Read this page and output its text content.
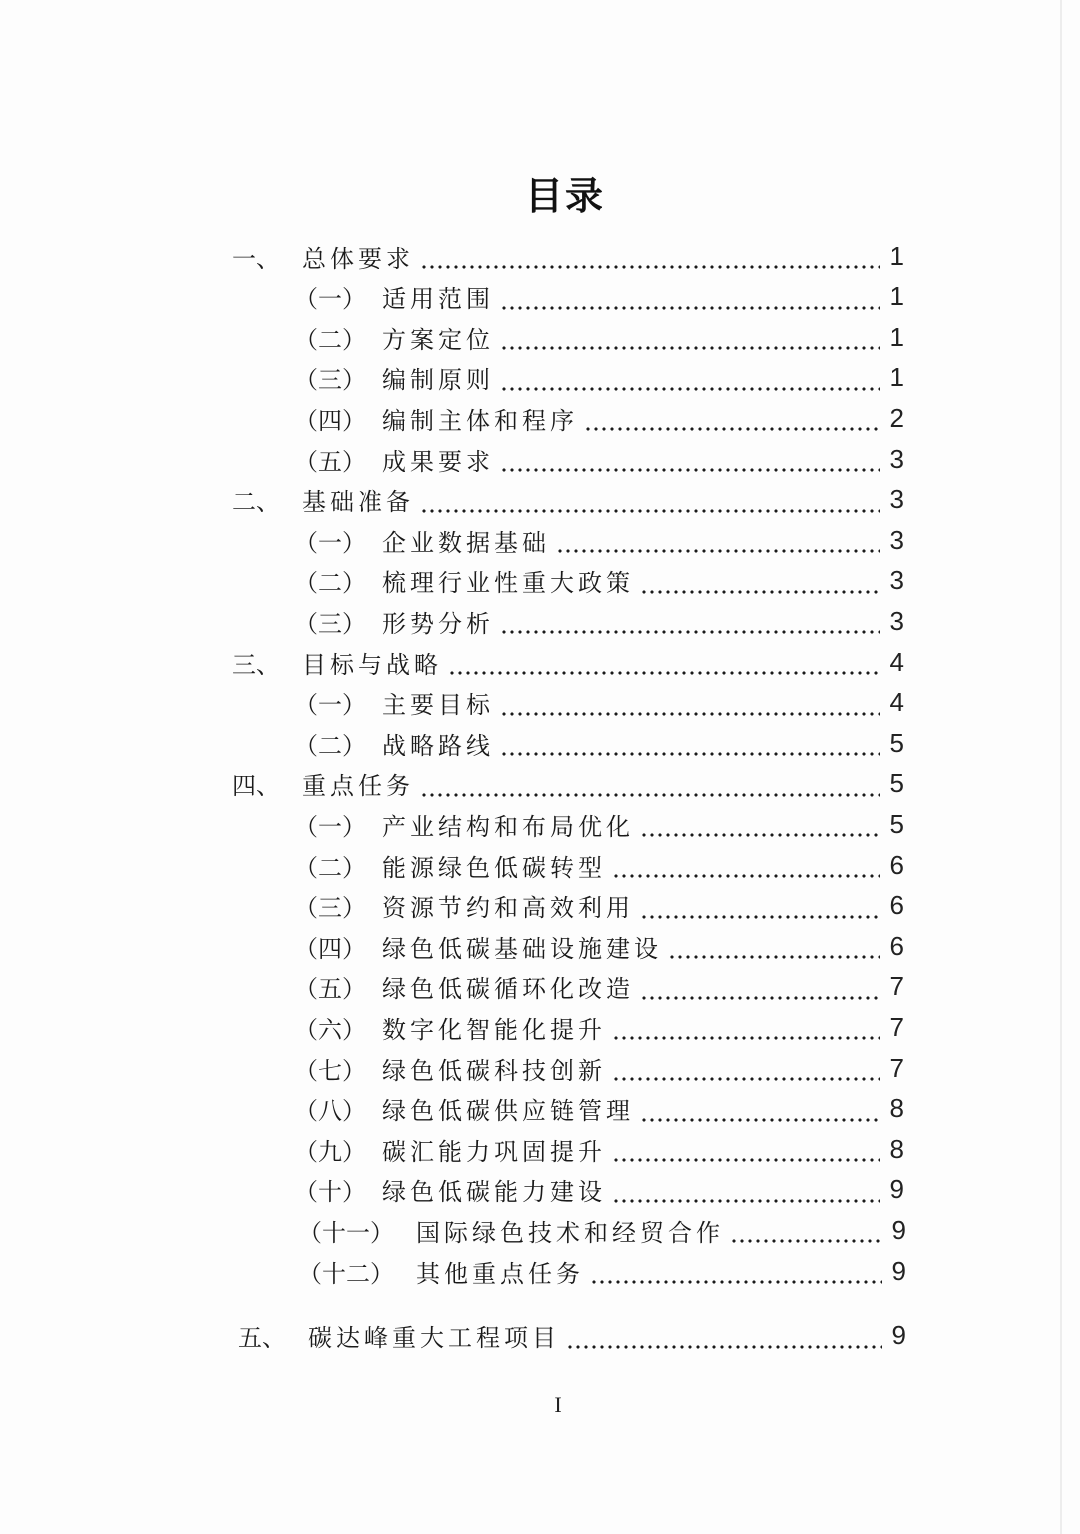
目录
一、 总体要求	1
（一） 适用范围	1
（二） 方案定位	1
（三） 编制原则	1
（四） 编制主体和程序	2
（五） 成果要求	3
二、 基础准备	3
（一） 企业数据基础	3
（二） 梳理行业性重大政策	3
（三） 形势分析	3
三、 目标与战略	4
（一） 主要目标	4
（二） 战略路线	5
四、 重点任务	5
（一） 产业结构和布局优化	5
（二） 能源绿色低碳转型	6
（三） 资源节约和高效利用	6
（四） 绿色低碳基础设施建设	6
（五） 绿色低碳循环化改造	7
（六） 数字化智能化提升	7
（七） 绿色低碳科技创新	7
（八） 绿色低碳供应链管理	8
（九） 碳汇能力巩固提升	8
（十） 绿色低碳能力建设	9
（十一） 国际绿色技术和经贸合作	9
（十二） 其他重点任务	9
五、 碳达峰重大工程项目	9
I
